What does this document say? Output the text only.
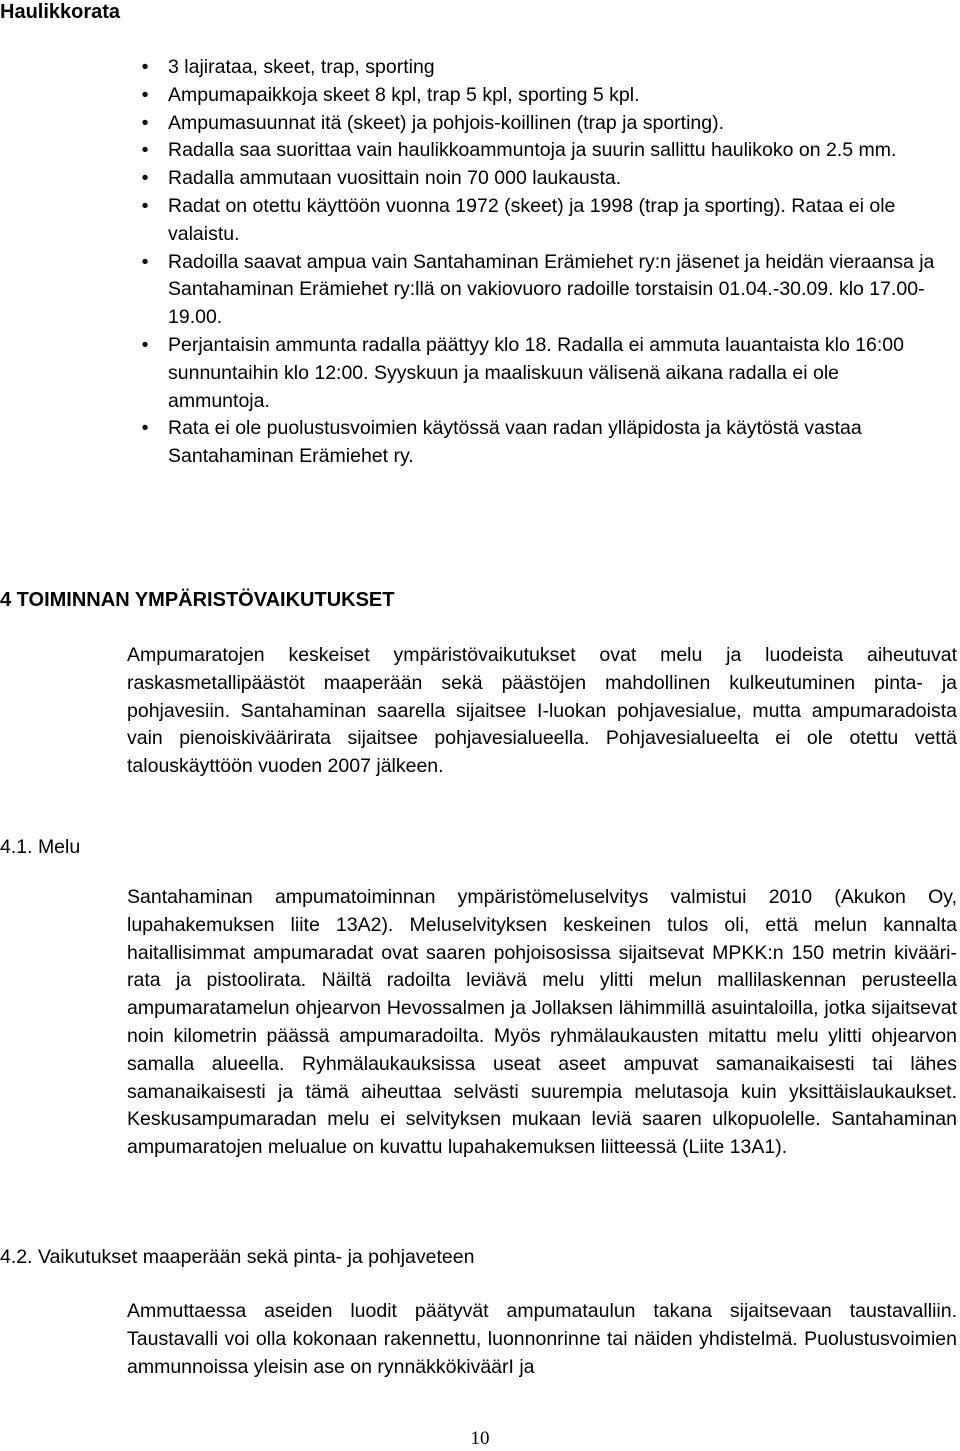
Haulikkorata
•	3 lajirataa, skeet, trap, sporting
•	Ampumapaikkoja skeet 8 kpl, trap 5 kpl, sporting 5 kpl.
•	Ampumasuunnat itä (skeet) ja pohjois-koillinen (trap ja sporting).
•	Radalla saa suorittaa vain haulikkoammuntoja ja suurin sallittu haulikoko on 2.5 mm.
•	Radalla ammutaan vuosittain noin 70 000 laukausta.
•	Radat on otettu käyttöön vuonna 1972 (skeet) ja 1998 (trap ja sporting). Rataa ei ole valaistu.
•	Radoilla saavat ampua vain Santahaminan Erämiehet ry:n jäsenet ja heidän vieraansa ja Santahaminan Erämiehet ry:llä on vakiovuoro radoille torstaisin 01.04.-30.09. klo 17.00-19.00.
•	Perjantaisin ammunta radalla päättyy klo 18. Radalla ei ammuta lauantaista klo 16:00 sunnuntaihin klo 12:00. Syyskuun ja maaliskuun välisenä aikana radalla ei ole ammuntoja.
•	Rata ei ole puolustusvoimien käytössä vaan radan ylläpidosta ja käytöstä vastaa Santahaminan Erämiehet ry.
4 TOIMINNAN YMPÄRISTÖVAIKUTUKSET

Ampumaratojen keskeiset ympäristövaikutukset ovat melu ja luodeista aiheutuvat raskasmetallipäästöt maaperään sekä päästöjen mahdollinen kulkeutuminen pinta- ja pohjavesiin. Santahaminan saarella sijaitsee I-luokan pohjavesialue, mutta ampumaradoista vain pienoiskiväärirata sijaitsee pohjavesialueella. Pohjavesialueelta ei ole otettu vettä talouskäyttöön vuoden 2007 jälkeen.

4.1. Melu

Santahaminan ampumatoiminnan ympäristömeluselvitys valmistui 2010 (Akukon Oy, lupahakemuksen liite 13A2). Meluselvityksen keskeinen tulos oli, että melun kannalta haitallisimmat ampumaradat ovat saaren pohjoisosissa sijaitsevat MPKK:n 150 metrin kiväärirata ja pistoolirata. Näiltä radoilta leviävä melu ylitti melun mallilaskennan perusteella ampumaratamelun ohjearvon Hevossalmen ja Jollaksen lähimmillä asuintaloilla, jotka sijaitsevat noin kilometrin päässä ampumaradoilta. Myös ryhmälaukausten mitattu melu ylitti ohjearvon samalla alueella. Ryhmälaukauksissa useat aseet ampuvat samanaikaisesti tai lähes samanaikaisesti ja tämä aiheuttaa selvästi suurempia melutasoja kuin yksittäislaukaukset. Keskusampumaradan melu ei selvityksen mukaan leviä saaren ulkopuolelle. Santahaminan ampumaratojen melualue on kuvattu lupahakemuksen liitteessä (Liite 13A1).

4.2. Vaikutukset maaperään sekä pinta- ja pohjaveteen

Ammuttaessa aseiden luodit päätyvät ampumataulun takana sijaitsevaan taustavalliin. Taustavalli voi olla kokonaan rakennettu, luonnonrinne tai näiden yhdistelmä. Puolustusvoimien ammunnoissa yleisin ase on rynnäkkökiväärI ja

10
